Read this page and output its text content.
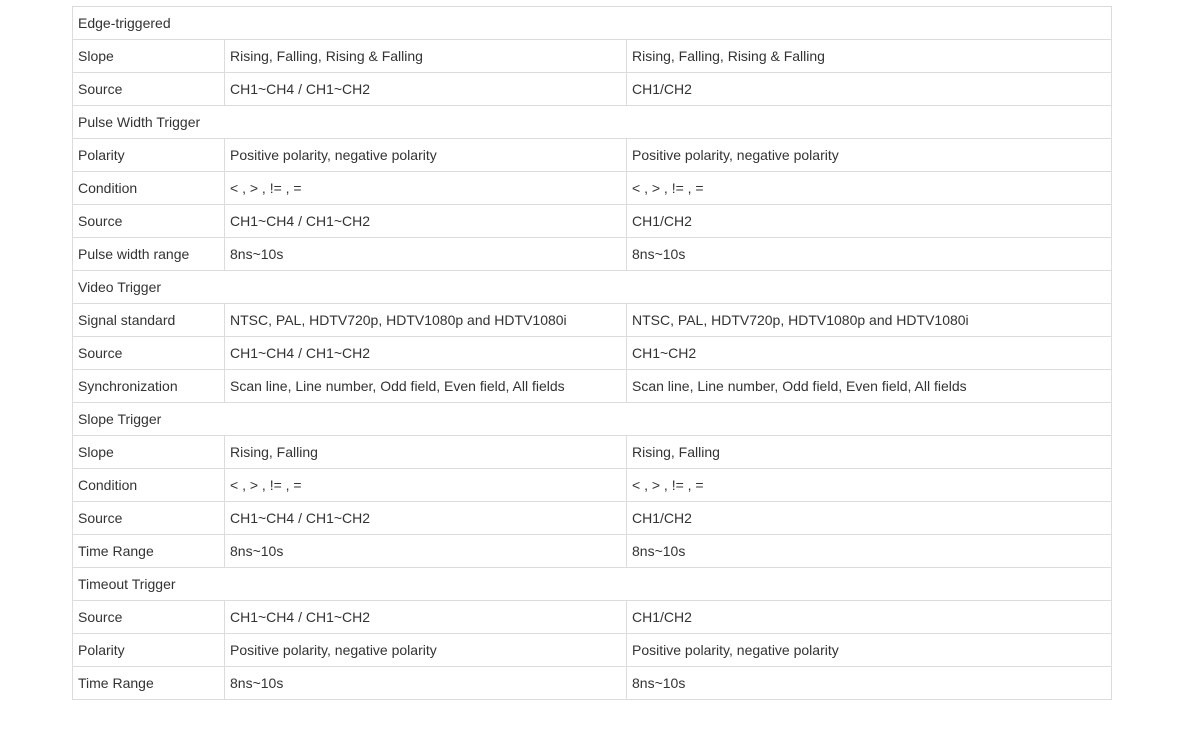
Edge-triggered		
Slope	Rising, Falling, Rising & Falling	Rising, Falling, Rising & Falling
Source	CH1~CH4 / CH1~CH2	CH1/CH2
Pulse Width Trigger		
Polarity	Positive polarity, negative polarity	Positive polarity, negative polarity
Condition	< , > , != , =	< , > , != , =
Source	CH1~CH4 / CH1~CH2	CH1/CH2
Pulse width range	8ns~10s	8ns~10s
Video Trigger		
Signal standard	NTSC, PAL, HDTV720p, HDTV1080p and HDTV1080i	NTSC, PAL, HDTV720p, HDTV1080p and HDTV1080i
Source	CH1~CH4 / CH1~CH2	CH1~CH2
Synchronization	Scan line, Line number, Odd field, Even field, All fields	Scan line, Line number, Odd field, Even field, All fields
Slope Trigger		
Slope	Rising, Falling	Rising, Falling
Condition	< , > , != , =	< , > , != , =
Source	CH1~CH4 / CH1~CH2	CH1/CH2
Time Range	8ns~10s	8ns~10s
Timeout Trigger		
Source	CH1~CH4 / CH1~CH2	CH1/CH2
Polarity	Positive polarity, negative polarity	Positive polarity, negative polarity
Time Range	8ns~10s	8ns~10s
